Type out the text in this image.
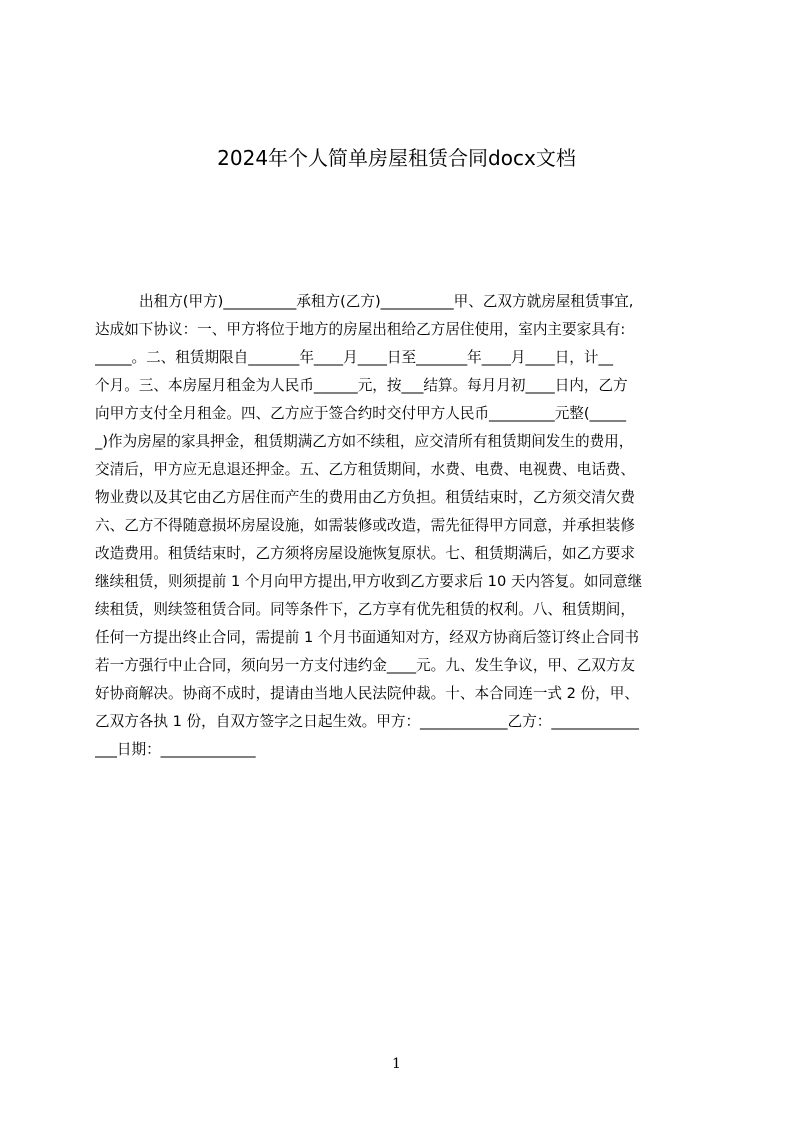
2024年个人简单房屋租赁合同docx文档
出租方(甲方)__________承租方(乙方)__________甲、乙双方就房屋租赁事宜,
达成如下协议：一、甲方将位于地方的房屋出租给乙方居住使用，室内主要家具有:
_____。二、租赁期限自_______年____月____日至_______年____月____日，计__
个月。三、本房屋月租金为人民币______元，按___结算。每月月初____日内，乙方
向甲方支付全月租金。四、乙方应于签合约时交付甲方人民币_________元整(_____
_)作为房屋的家具押金，租赁期满乙方如不续租，应交清所有租赁期间发生的费用，
交清后，甲方应无息退还押金。五、乙方租赁期间，水费、电费、电视费、电话费、
物业费以及其它由乙方居住而产生的费用由乙方负担。租赁结束时，乙方须交清欠费
六、乙方不得随意损坏房屋设施，如需装修或改造，需先征得甲方同意，并承担装修
改造费用。租赁结束时，乙方须将房屋设施恢复原状。七、租赁期满后，如乙方要求
继续租赁，则须提前 1 个月向甲方提出,甲方收到乙方要求后 10 天内答复。如同意继
续租赁，则续签租赁合同。同等条件下，乙方享有优先租赁的权利。八、租赁期间，
任何一方提出终止合同，需提前 1 个月书面通知对方，经双方协商后签订终止合同书
若一方强行中止合同，须向另一方支付违约金____元。九、发生争议，甲、乙双方友
好协商解决。协商不成时，提请由当地人民法院仲裁。十、本合同连一式 2 份，甲、
乙双方各执 1 份，自双方签字之日起生效。甲方：____________乙方：____________
___日期：_____________
1
